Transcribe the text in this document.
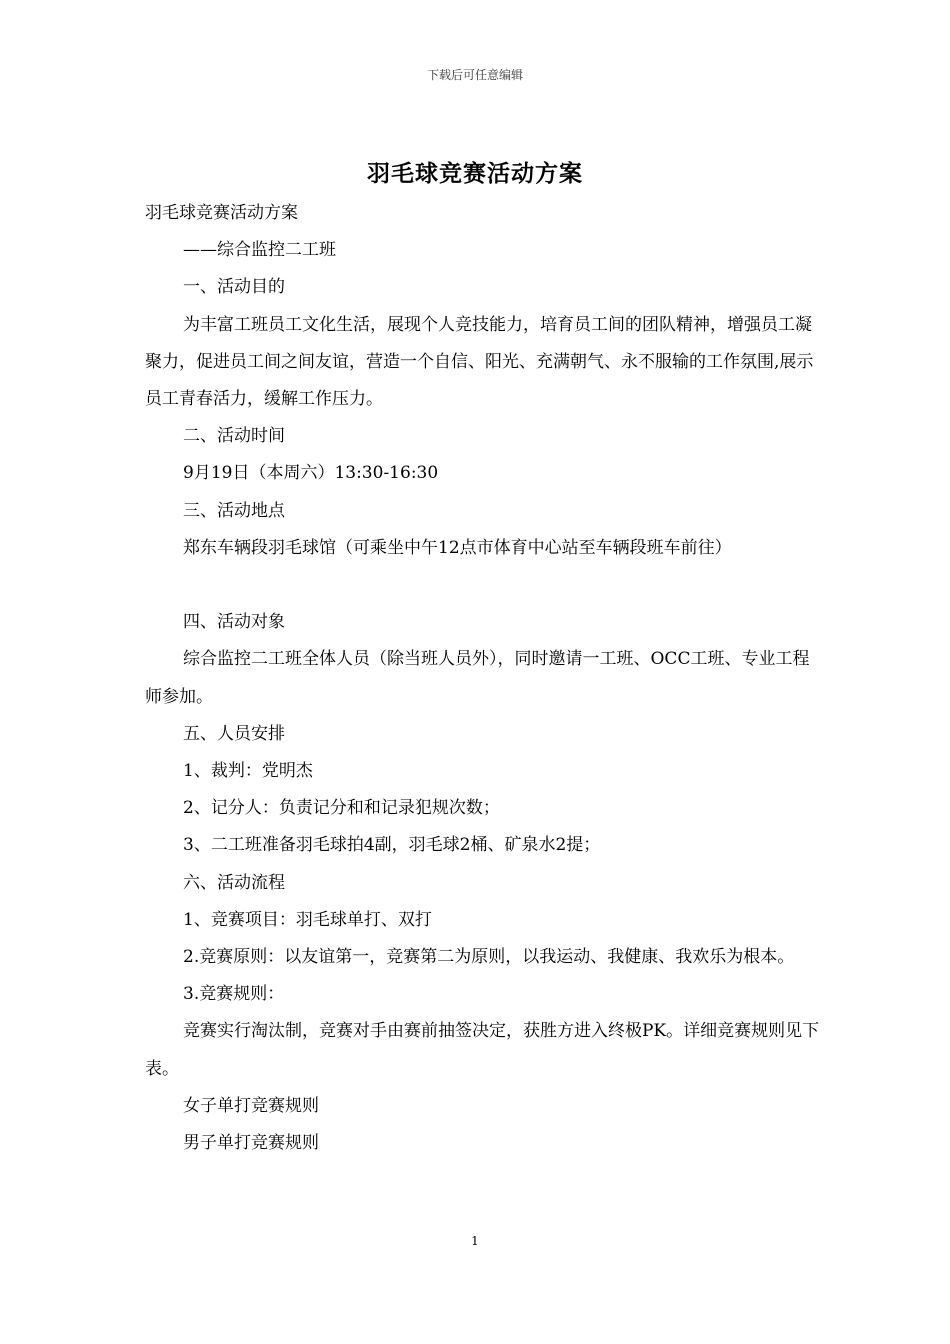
下载后可任意编辑
羽毛球竞赛活动方案

羽毛球竞赛活动方案

——综合监控二工班

一、活动目的

为丰富工班员工文化生活，展现个人竞技能力，培育员工间的团队精神，增强员工凝聚力，促进员工间之间友谊，营造一个自信、阳光、充满朝气、永不服输的工作氛围,展示员工青春活力，缓解工作压力。

二、活动时间

9月19日（本周六）13:30-16:30

三、活动地点

郑东车辆段羽毛球馆（可乘坐中午12点市体育中心站至车辆段班车前往）

四、活动对象

综合监控二工班全体人员（除当班人员外），同时邀请一工班、OCC工班、专业工程师参加。

五、人员安排

1、裁判：党明杰

2、记分人：负责记分和和记录犯规次数；

3、二工班准备羽毛球拍4副，羽毛球2桶、矿泉水2提；

六、活动流程

1、竞赛项目：羽毛球单打、双打

2.竞赛原则：以友谊第一，竞赛第二为原则，以我运动、我健康、我欢乐为根本。

3.竞赛规则：

竞赛实行淘汰制，竞赛对手由赛前抽签决定，获胜方进入终极PK。详细竞赛规则见下表。

女子单打竞赛规则

男子单打竞赛规则

1
